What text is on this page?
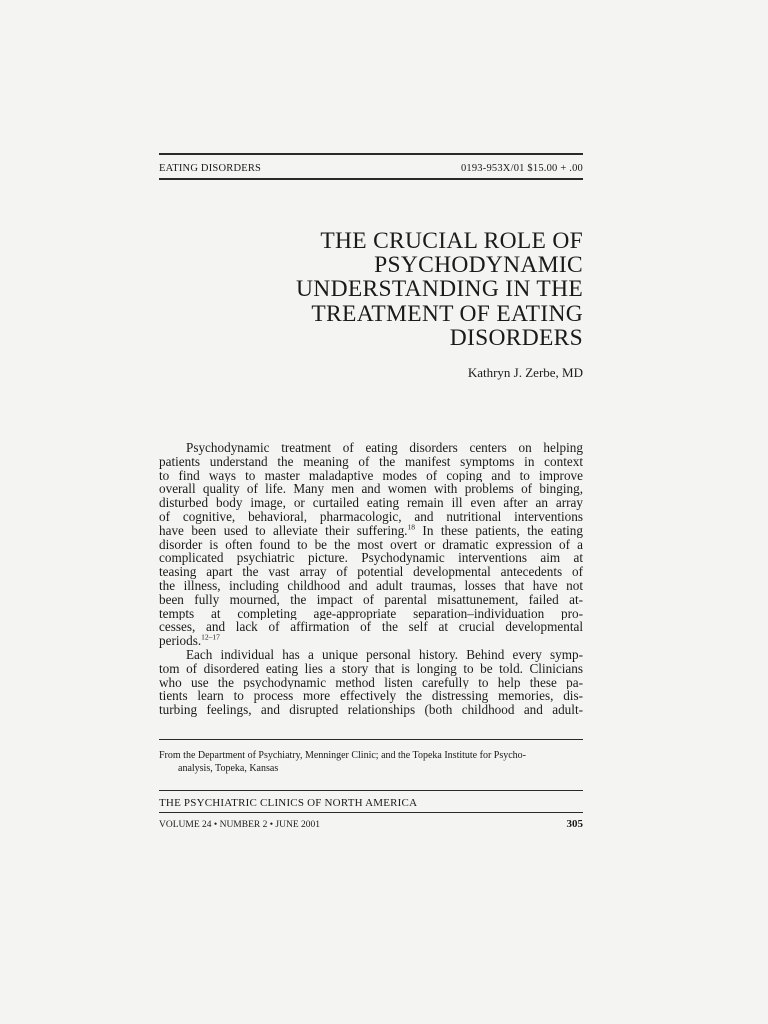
EATING DISORDERS	0193-953X/01 $15.00 + .00
THE CRUCIAL ROLE OF
PSYCHODYNAMIC
UNDERSTANDING IN THE
TREATMENT OF EATING
DISORDERS
Kathryn J. Zerbe, MD
Psychodynamic treatment of eating disorders centers on helping
patients understand the meaning of the manifest symptoms in context
to find ways to master maladaptive modes of coping and to improve
overall quality of life. Many men and women with problems of binging,
disturbed body image, or curtailed eating remain ill even after an array
of cognitive, behavioral, pharmacologic, and nutritional interventions
have been used to alleviate their suffering.$^{18}$ In these patients, the eating
disorder is often found to be the most overt or dramatic expression of a
complicated psychiatric picture. Psychodynamic interventions aim at
teasing apart the vast array of potential developmental antecedents of
the illness, including childhood and adult traumas, losses that have not
been fully mourned, the impact of parental misattunement, failed at-
tempts at completing age-appropriate separation–individuation pro-
cesses, and lack of affirmation of the self at crucial developmental
periods.$^{12-17}$
Each individual has a unique personal history. Behind every symp-
tom of disordered eating lies a story that is longing to be told. Clinicians
who use the psychodynamic method listen carefully to help these pa-
tients learn to process more effectively the distressing memories, dis-
turbing feelings, and disrupted relationships (both childhood and adult-
From the Department of Psychiatry, Menninger Clinic; and the Topeka Institute for Psycho-
analysis, Topeka, Kansas
THE PSYCHIATRIC CLINICS OF NORTH AMERICA
VOLUME 24 • NUMBER 2 • JUNE 2001	305
